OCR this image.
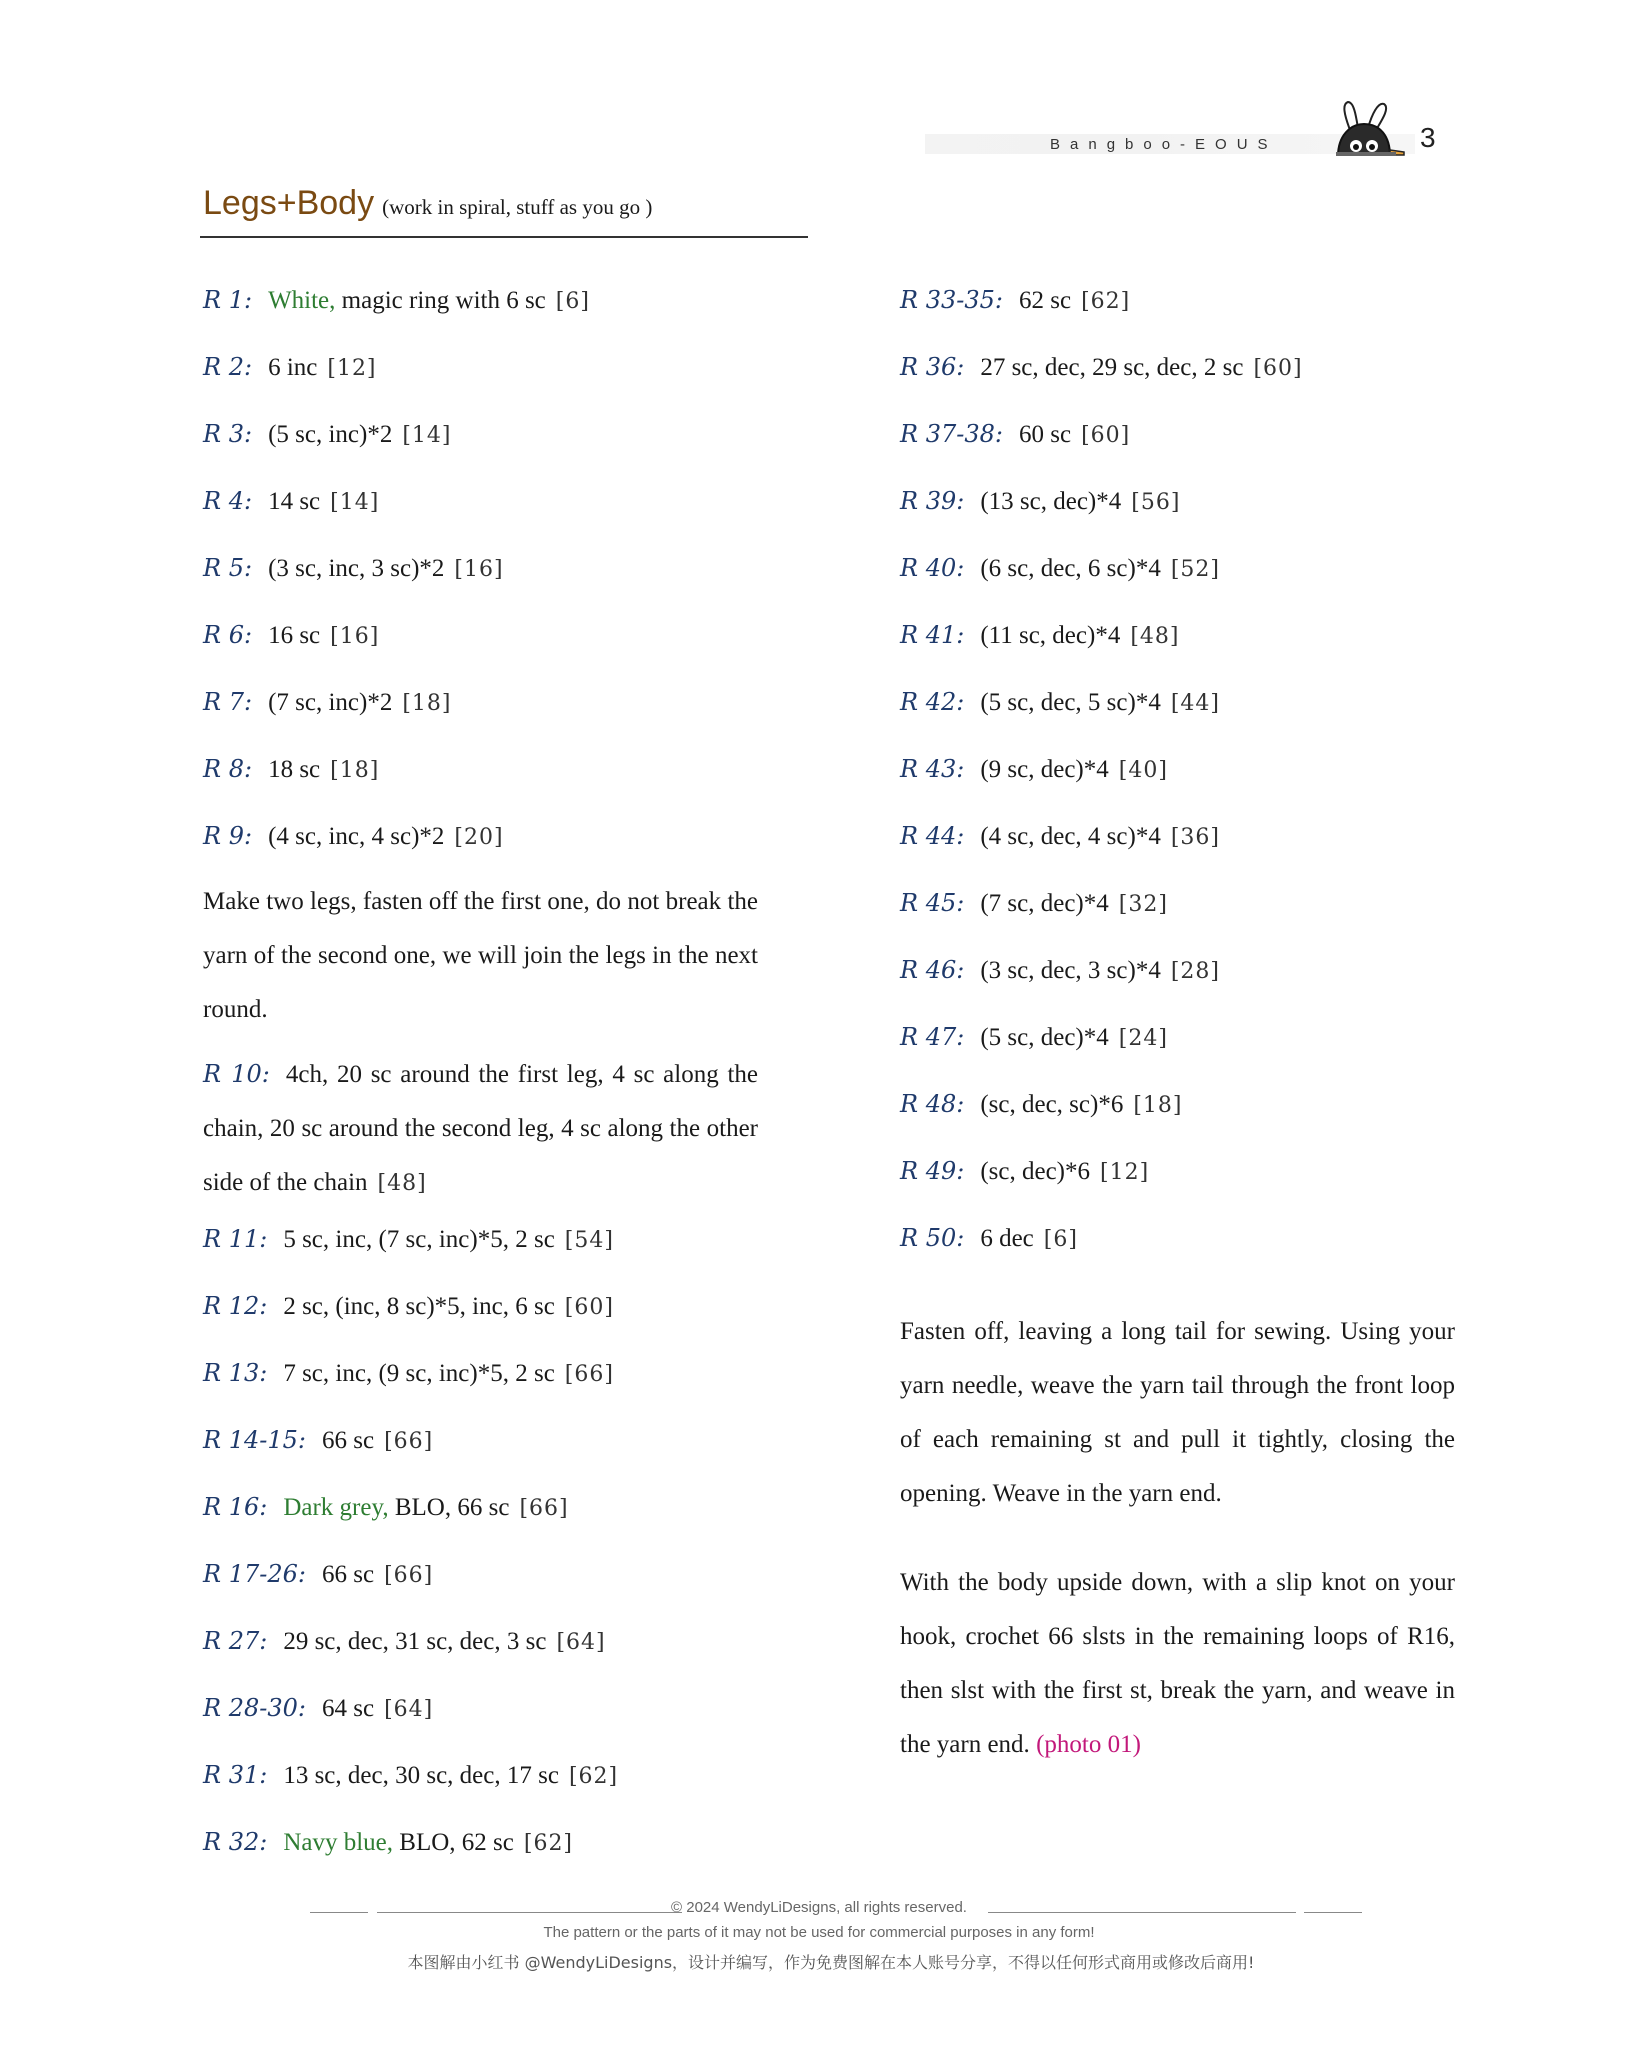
Bangboo-EOUS	3
Legs+Body (work in spiral, stuff as you go )
R 1: White, magic ring with 6 sc [6]
R 2: 6 inc [12]
R 3: (5 sc, inc)*2 [14]
R 4: 14 sc [14]
R 5: (3 sc, inc, 3 sc)*2 [16]
R 6: 16 sc [16]
R 7: (7 sc, inc)*2 [18]
R 8: 18 sc [18]
R 9: (4 sc, inc, 4 sc)*2 [20]

Make two legs, fasten off the first one, do not break the yarn of the second one, we will join the legs in the next round.

R 10: 4ch, 20 sc around the first leg, 4 sc along the chain, 20 sc around the second leg, 4 sc along the other side of the chain [48]
R 11: 5 sc, inc, (7 sc, inc)*5, 2 sc [54]
R 12: 2 sc, (inc, 8 sc)*5, inc, 6 sc [60]
R 13: 7 sc, inc, (9 sc, inc)*5, 2 sc [66]
R 14-15: 66 sc [66]
R 16: Dark grey, BLO, 66 sc [66]
R 17-26: 66 sc [66]
R 27: 29 sc, dec, 31 sc, dec, 3 sc [64]
R 28-30: 64 sc [64]
R 31: 13 sc, dec, 30 sc, dec, 17 sc [62]
R 32: Navy blue, BLO, 62 sc [62]
R 33-35: 62 sc [62]
R 36: 27 sc, dec, 29 sc, dec, 2 sc [60]
R 37-38: 60 sc [60]
R 39: (13 sc, dec)*4 [56]
R 40: (6 sc, dec, 6 sc)*4 [52]
R 41: (11 sc, dec)*4 [48]
R 42: (5 sc, dec, 5 sc)*4 [44]
R 43: (9 sc, dec)*4 [40]
R 44: (4 sc, dec, 4 sc)*4 [36]
R 45: (7 sc, dec)*4 [32]
R 46: (3 sc, dec, 3 sc)*4 [28]
R 47: (5 sc, dec)*4 [24]
R 48: (sc, dec, sc)*6 [18]
R 49: (sc, dec)*6 [12]
R 50: 6 dec [6]

Fasten off, leaving a long tail for sewing. Using your yarn needle, weave the yarn tail through the front loop of each remaining st and pull it tightly, closing the opening. Weave in the yarn end.

With the body upside down, with a slip knot on your hook, crochet 66 slsts in the remaining loops of R16, then slst with the first st, break the yarn, and weave in the yarn end. (photo 01)

© 2024 WendyLiDesigns, all rights reserved.
The pattern or the parts of it may not be used for commercial purposes in any form!
本图解由小红书 @WendyLiDesigns，设计并编写，作为免费图解在本人账号分享，不得以任何形式商用或修改后商用!
